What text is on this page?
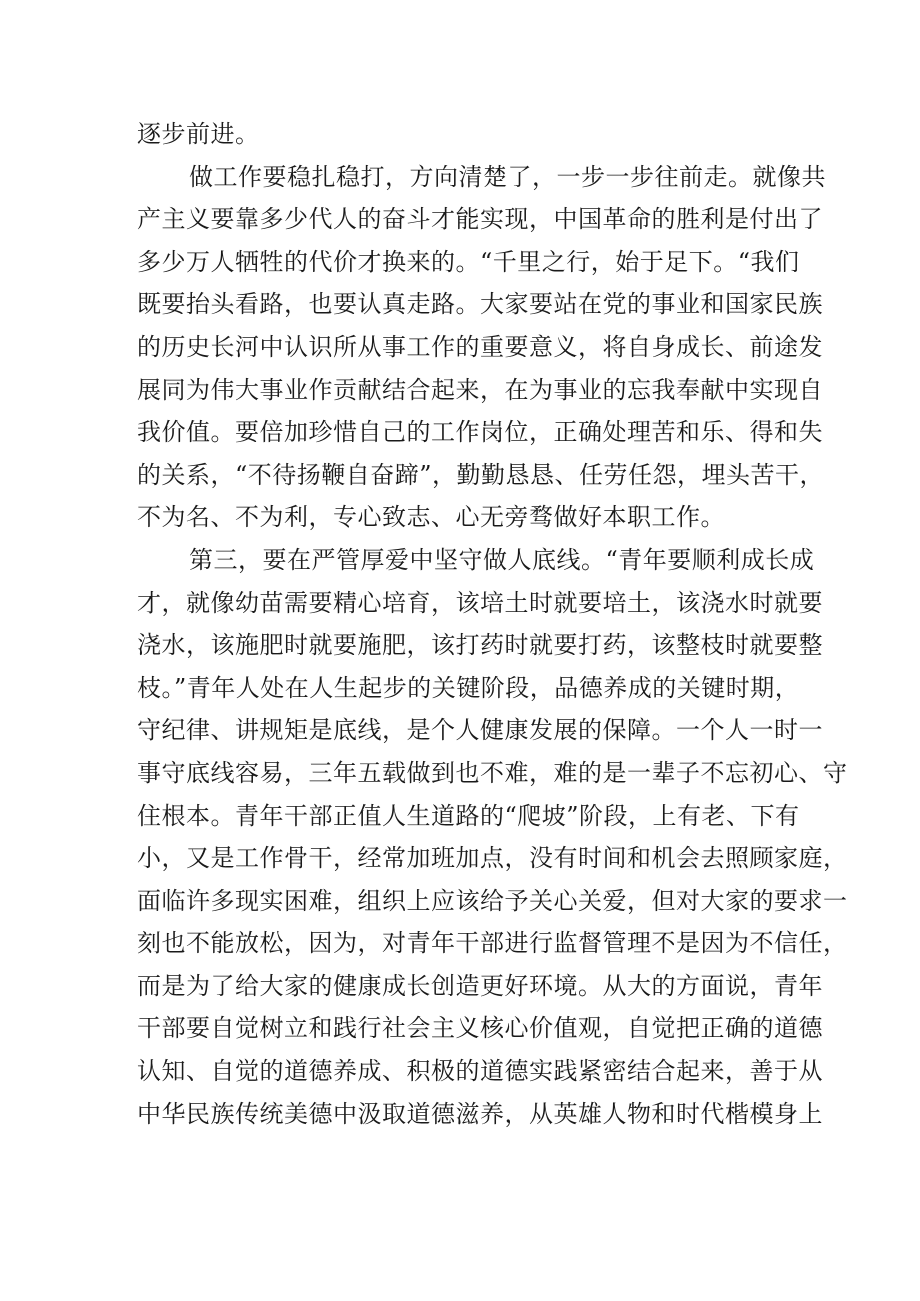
逐步前进。
做工作要稳扎稳打，方向清楚了，一步一步往前走。就像共
产主义要靠多少代人的奋斗才能实现，中国革命的胜利是付出了
多少万人牺牲的代价才换来的。“千里之行，始于足下。“我们
既要抬头看路，也要认真走路。大家要站在党的事业和国家民族
的历史长河中认识所从事工作的重要意义，将自身成长、前途发
展同为伟大事业作贡献结合起来，在为事业的忘我奉献中实现自
我价值。要倍加珍惜自己的工作岗位，正确处理苦和乐、得和失
的关系，“不待扬鞭自奋蹄”，勤勤恳恳、任劳任怨，埋头苦干，
不为名、不为利，专心致志、心无旁骛做好本职工作。
第三，要在严管厚爱中坚守做人底线。“青年要顺利成长成
才，就像幼苗需要精心培育，该培土时就要培土，该浇水时就要
浇水，该施肥时就要施肥，该打药时就要打药，该整枝时就要整
枝。”青年人处在人生起步的关键阶段，品德养成的关键时期，
守纪律、讲规矩是底线，是个人健康发展的保障。一个人一时一
事守底线容易，三年五载做到也不难，难的是一辈子不忘初心、守
住根本。青年干部正值人生道路的“爬坡”阶段，上有老、下有
小，又是工作骨干，经常加班加点，没有时间和机会去照顾家庭，
面临许多现实困难，组织上应该给予关心关爱，但对大家的要求一
刻也不能放松，因为，对青年干部进行监督管理不是因为不信任，
而是为了给大家的健康成长创造更好环境。从大的方面说，青年
干部要自觉树立和践行社会主义核心价值观，自觉把正确的道德
认知、自觉的道德养成、积极的道德实践紧密结合起来，善于从
中华民族传统美德中汲取道德滋养，从英雄人物和时代楷模身上
